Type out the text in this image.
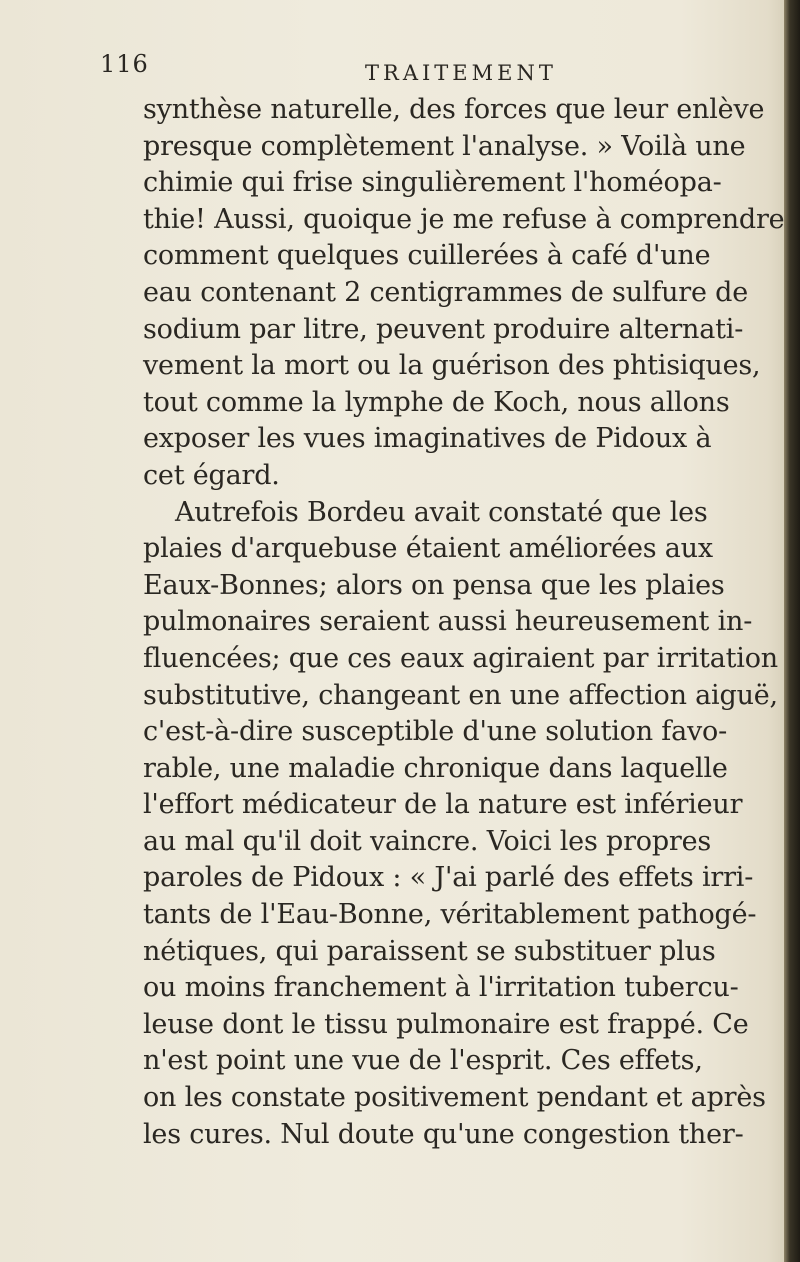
116	TRAITEMENT
synthèse naturelle, des forces que leur enlève
presque complètement l'analyse. » Voilà une
chimie qui frise singulièrement l'homéopa-
thie! Aussi, quoique je me refuse à comprendre
comment quelques cuillerées à café d'une
eau contenant 2 centigrammes de sulfure de
sodium par litre, peuvent produire alternati-
vement la mort ou la guérison des phtisiques,
tout comme la lymphe de Koch, nous allons
exposer les vues imaginatives de Pidoux à
cet égard.
Autrefois Bordeu avait constaté que les
plaies d'arquebuse étaient améliorées aux
Eaux-Bonnes; alors on pensa que les plaies
pulmonaires seraient aussi heureusement in-
fluencées; que ces eaux agiraient par irritation
substitutive, changeant en une affection aiguë,
c'est-à-dire susceptible d'une solution favo-
rable, une maladie chronique dans laquelle
l'effort médicateur de la nature est inférieur
au mal qu'il doit vaincre. Voici les propres
paroles de Pidoux : « J'ai parlé des effets irri-
tants de l'Eau-Bonne, véritablement pathogé-
nétiques, qui paraissent se substituer plus
ou moins franchement à l'irritation tubercu-
leuse dont le tissu pulmonaire est frappé. Ce
n'est point une vue de l'esprit. Ces effets,
on les constate positivement pendant et après
les cures. Nul doute qu'une congestion ther-
